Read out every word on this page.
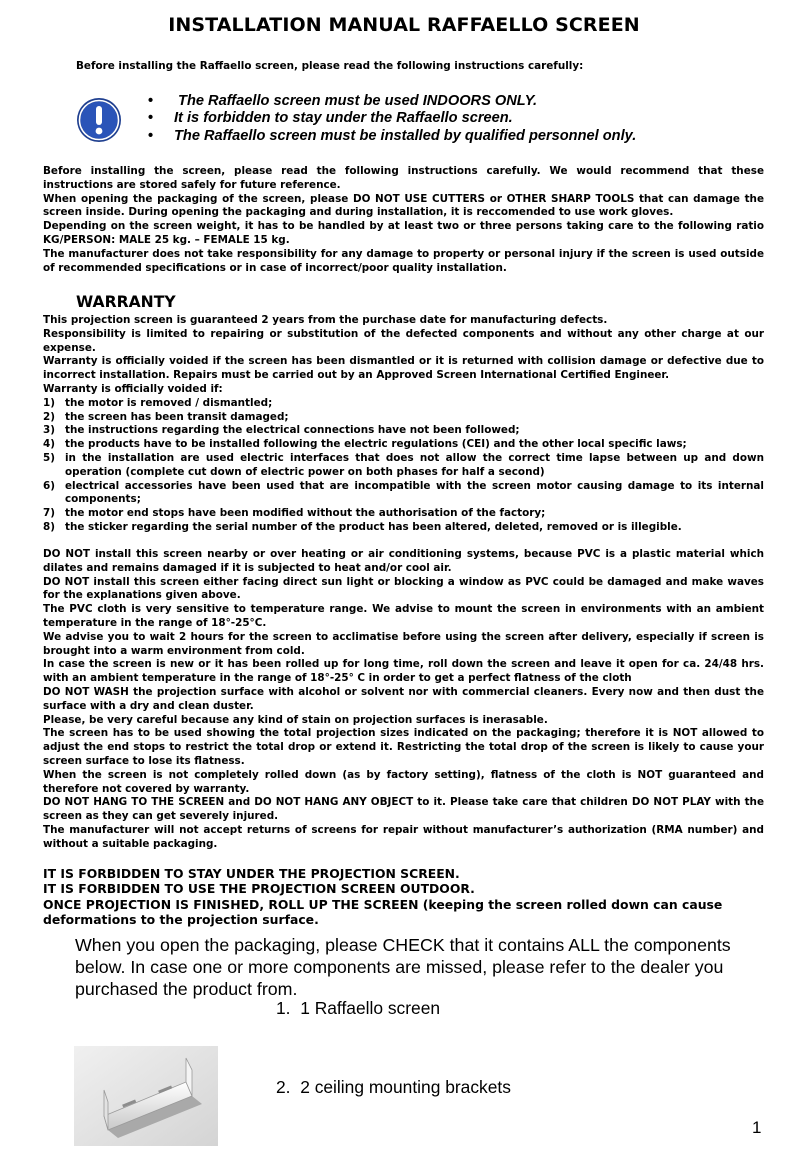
INSTALLATION MANUAL RAFFAELLO SCREEN
Before installing the Raffaello screen, please read the following instructions carefully:
• The Raffaello screen must be used INDOORS ONLY.
• It is forbidden to stay under the Raffaello screen.
• The Raffaello screen must be installed by qualified personnel only.

Before installing the screen, please read the following instructions carefully. We would recommend that these instructions are stored safely for future reference.

When opening the packaging of the screen, please DO NOT USE CUTTERS or OTHER SHARP TOOLS that can damage the screen inside. During opening the packaging and during installation, it is reccomended to use work gloves.

Depending on the screen weight, it has to be handled by at least two or three persons taking care to the following ratio KG/PERSON: MALE 25 kg. – FEMALE 15 kg.

The manufacturer does not take responsibility for any damage to property or personal injury if the screen is used outside of recommended specifications or in case of incorrect/poor quality installation.

WARRANTY

This projection screen is guaranteed 2 years from the purchase date for manufacturing defects.

Responsibility is limited to repairing or substitution of the defected components and without any other charge at our expense.

Warranty is officially voided if the screen has been dismantled or it is returned with collision damage or defective due to incorrect installation. Repairs must be carried out by an Approved Screen International Certified Engineer.

Warranty is officially voided if:

1) the motor is removed / dismantled;
2) the screen has been transit damaged;
3) the instructions regarding the electrical connections have not been followed;
4) the products have to be installed following the electric regulations (CEI) and the other local specific laws;
5) in the installation are used electric interfaces that does not allow the correct time lapse between up and down operation (complete cut down of electric power on both phases for half a second)
6) electrical accessories have been used that are incompatible with the screen motor causing damage to its internal components;
7) the motor end stops have been modified without the authorisation of the factory;
8) the sticker regarding the serial number of the product has been altered, deleted, removed or is illegible.

DO NOT install this screen nearby or over heating or air conditioning systems, because PVC is a plastic material which dilates and remains damaged if it is subjected to heat and/or cool air.

DO NOT install this screen either facing direct sun light or blocking a window as PVC could be damaged and make waves for the explanations given above.

The PVC cloth is very sensitive to temperature range. We advise to mount the screen in environments with an ambient temperature in the range of 18°-25°C.

We advise you to wait 2 hours for the screen to acclimatise before using the screen after delivery, especially if screen is brought into a warm environment from cold.

In case the screen is new or it has been rolled up for long time, roll down the screen and leave it open for ca. 24/48 hrs. with an ambient temperature in the range of 18°-25° C in order to get a perfect flatness of the cloth

DO NOT WASH the projection surface with alcohol or solvent nor with commercial cleaners. Every now and then dust the surface with a dry and clean duster.

Please, be very careful because any kind of stain on projection surfaces is inerasable.

The screen has to be used showing the total projection sizes indicated on the packaging; therefore it is NOT allowed to adjust the end stops to restrict the total drop or extend it. Restricting the total drop of the screen is likely to cause your screen surface to lose its flatness.

When the screen is not completely rolled down (as by factory setting), flatness of the cloth is NOT guaranteed and therefore not covered by warranty.

DO NOT HANG TO THE SCREEN and DO NOT HANG ANY OBJECT to it. Please take care that children DO NOT PLAY with the screen as they can get severely injured.

The manufacturer will not accept returns of screens for repair without manufacturer’s authorization (RMA number) and without a suitable packaging.

IT IS FORBIDDEN TO STAY UNDER THE PROJECTION SCREEN.

IT IS FORBIDDEN TO USE THE PROJECTION SCREEN OUTDOOR.

ONCE PROJECTION IS FINISHED, ROLL UP THE SCREEN (keeping the screen rolled down can cause deformations to the projection surface.

When you open the packaging, please CHECK that it contains ALL the components below. In case one or more components are missed, please refer to the dealer you purchased the product from.
1. 1 Raffaello screen
2. 2 ceiling mounting brackets
1
